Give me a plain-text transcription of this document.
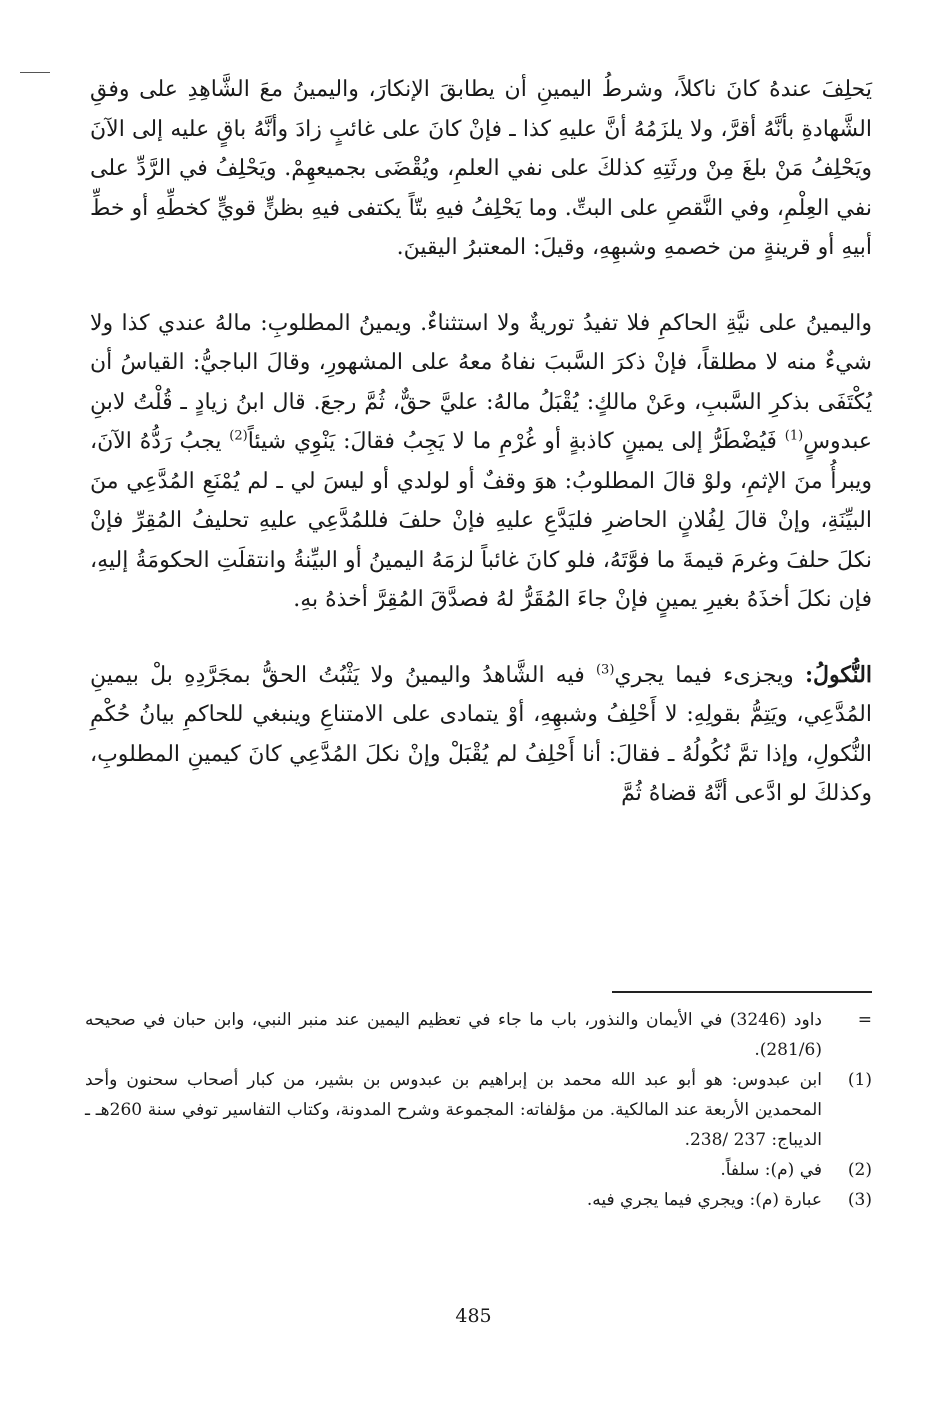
يَحلِفَ عندهُ كانَ ناكلاً، وشرطُ اليمينِ أن يطابقَ الإنكارَ، واليمينُ معَ الشَّاهِدِ على وفقِ الشَّهادةِ بأنَّهُ أقرَّ، ولا يلزَمُهُ أنَّ عليهِ كذا ـ فإنْ كانَ على غائبٍ زادَ وأنَّهُ باقٍ عليه إلى الآنَ ويَحْلِفُ مَنْ بلغَ مِنْ ورثَتِهِ كذلكَ على نفي العلمِ، ويُقْضَى بجميعهِمْ. ويَحْلِفُ في الرَّدِّ على نفي العِلْمِ، وفي النَّقصِ على البتِّ. وما يَحْلِفُ فيهِ بتّاً يكتفى فيهِ بظنٍّ قويٍّ كخطِّهِ أو خطِّ أبيهِ أو قرينةٍ من خصمهِ وشبهِهِ، وقيلَ: المعتبرُ اليقينَ.

واليمينُ على نيَّةِ الحاكمِ فلا تفيدُ توريةٌ ولا استثناءٌ. ويمينُ المطلوبِ: مالهُ عندي كذا ولا شيءٌ منه لا مطلقاً، فإنْ ذكرَ السَّببَ نفاهُ معهُ على المشهورِ، وقالَ الباجيُّ: القياسُ أن يُكْتَفَى بذكرِ السَّببِ، وعَنْ مالكٍ: يُقْبَلُ مالهُ: عليَّ حقٌّ، ثُمَّ رجعَ. قال ابنُ زيادٍ ـ قُلْتُ لابنِ عبدوسٍ$^{(1)}$ فَيُضْطَرُّ إلى يمينٍ كاذبةٍ أو غُرْمِ ما لا يَجِبُ فقالَ: يَنْوِي شيئاً$^{(2)}$ يجبُ رَدُّهُ الآنَ، ويبرأُ منَ الإثمِ، ولوْ قالَ المطلوبُ: هوَ وقفٌ أو لولدي أو ليسَ لي ـ لم يُمْنَعِ المُدَّعِي منَ البيِّنَةِ، وإنْ قالَ لِفُلانٍ الحاضرِ فليَدَّعِ عليهِ فإنْ حلفَ فللمُدَّعِي عليهِ تحليفُ المُقِرِّ فإنْ نكلَ حلفَ وغرمَ قيمةَ ما فوَّتَهُ، فلو كانَ غائباً لزمَهُ اليمينُ أو البيِّنةُ وانتقلَتِ الحكومَةُ إليهِ، فإن نكلَ أخذَهُ بغيرِ يمينٍ فإنْ جاءَ المُقَرُّ لهُ فصدَّقَ المُقِرَّ أخذهُ بهِ.

النُّكولُ: ويجزىء فيما يجري$^{(3)}$ فيه الشَّاهدُ واليمينُ ولا يَثْبُتُ الحقُّ بمجَرَّدِهِ بلْ بيمينِ المُدَّعِي، ويَتِمُّ بقولِهِ: لا أَحْلِفُ وشبهِهِ، أوْ يتمادى على الامتناعِ وينبغي للحاكمِ بيانُ حُكْمِ النُّكولِ، وإذا تمَّ نُكُولُهُ ـ فقالَ: أنا أَحْلِفُ لم يُقْبَلْ وإنْ نكلَ المُدَّعِي كانَ كيمينِ المطلوبِ، وكذلكَ لو ادَّعى أنَّهُ قضاهُ ثُمَّ

=
داود (3246) في الأيمان والنذور، باب ما جاء في تعظيم اليمين عند منبر النبي، وابن حبان في صحيحه (281/6).
(1)
ابن عبدوس: هو أبو عبد الله محمد بن إبراهيم بن عبدوس بن بشير، من كبار أصحاب سحنون وأحد المحمدين الأربعة عند المالكية. من مؤلفاته: المجموعة وشرح المدونة، وكتاب التفاسير توفي سنة 260هـ ـ الديباج: 237 /238.
(2)
في (م): سلفاً.
(3)
عبارة (م): ويجري فيما يجري فيه.
485
